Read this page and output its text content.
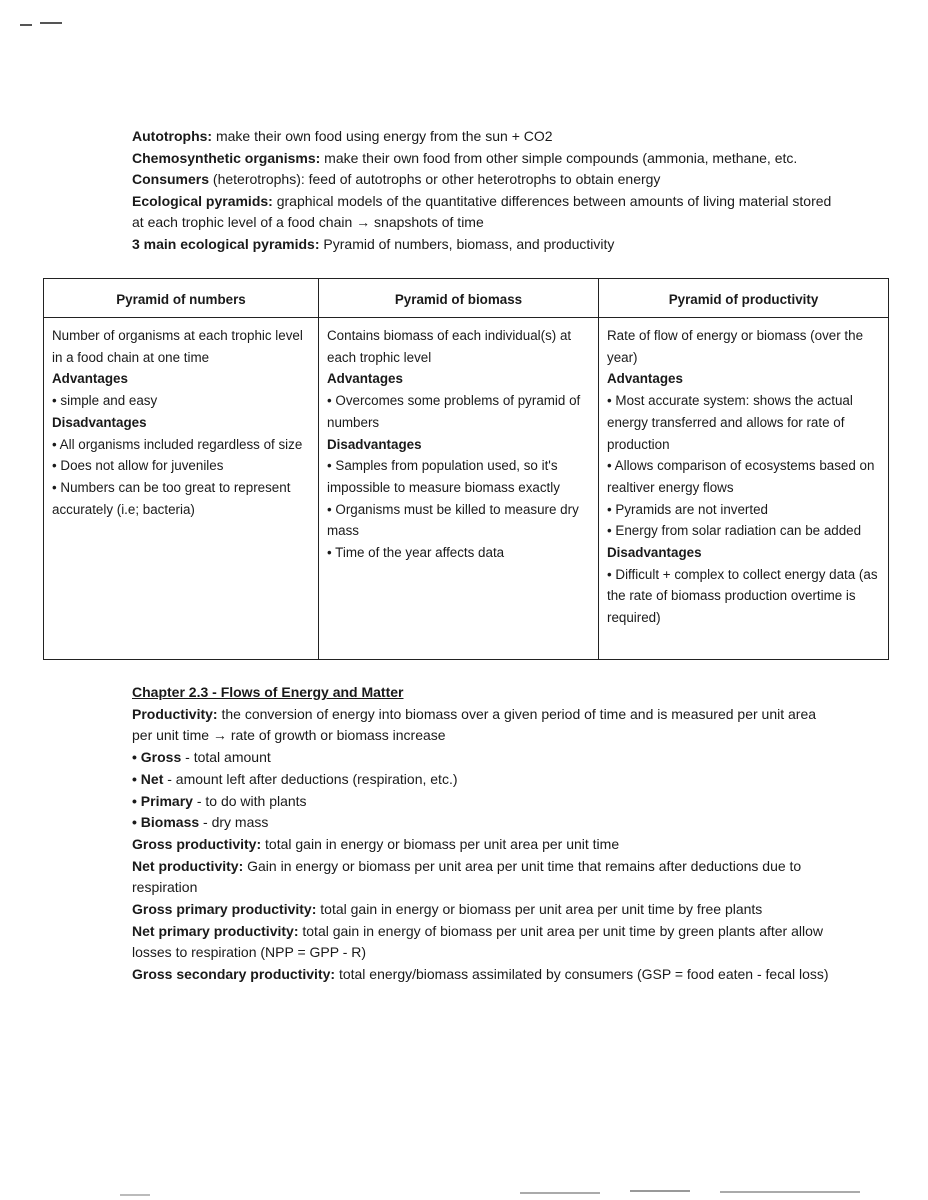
Autotrophs: make their own food using energy from the sun + CO2

Chemosynthetic organisms: make their own food from other simple compounds (ammonia, methane, etc.

Consumers (heterotrophs): feed of autotrophs or other heterotrophs to obtain energy

Ecological pyramids: graphical models of the quantitative differences between amounts of living material stored at each trophic level of a food chain → snapshots of time

3 main ecological pyramids: Pyramid of numbers, biomass, and productivity

Pyramid of numbers	Pyramid of biomass	Pyramid of productivity
Number of organisms at each trophic level in a food chain at one time
Advantages
• simple and easy
Disadvantages
• All organisms included regardless of size
• Does not allow for juveniles
• Numbers can be too great to represent accurately (i.e; bacteria)
Contains biomass of each individual(s) at each trophic level
Advantages
• Overcomes some problems of pyramid of numbers
Disadvantages
• Samples from population used, so it's impossible to measure biomass exactly
• Organisms must be killed to measure dry mass
• Time of the year affects data
Rate of flow of energy or biomass (over the year)
Advantages
• Most accurate system: shows the actual energy transferred and allows for rate of production
• Allows comparison of ecosystems based on realtiver energy flows
• Pyramids are not inverted
• Energy from solar radiation can be added
Disadvantages
• Difficult + complex to collect energy data (as the rate of biomass production overtime is required)

Chapter 2.3 - Flows of Energy and Matter

Productivity: the conversion of energy into biomass over a given period of time and is measured per unit area per unit time → rate of growth or biomass increase

• Gross - total amount

• Net - amount left after deductions (respiration, etc.)

• Primary - to do with plants

• Biomass - dry mass

Gross productivity: total gain in energy or biomass per unit area per unit time

Net productivity: Gain in energy or biomass per unit area per unit time that remains after deductions due to respiration

Gross primary productivity: total gain in energy or biomass per unit area per unit time by free plants

Net primary productivity: total gain in energy of biomass per unit area per unit time by green plants after allow losses to respiration (NPP = GPP - R)

Gross secondary productivity: total energy/biomass assimilated by consumers (GSP = food eaten - fecal loss)
